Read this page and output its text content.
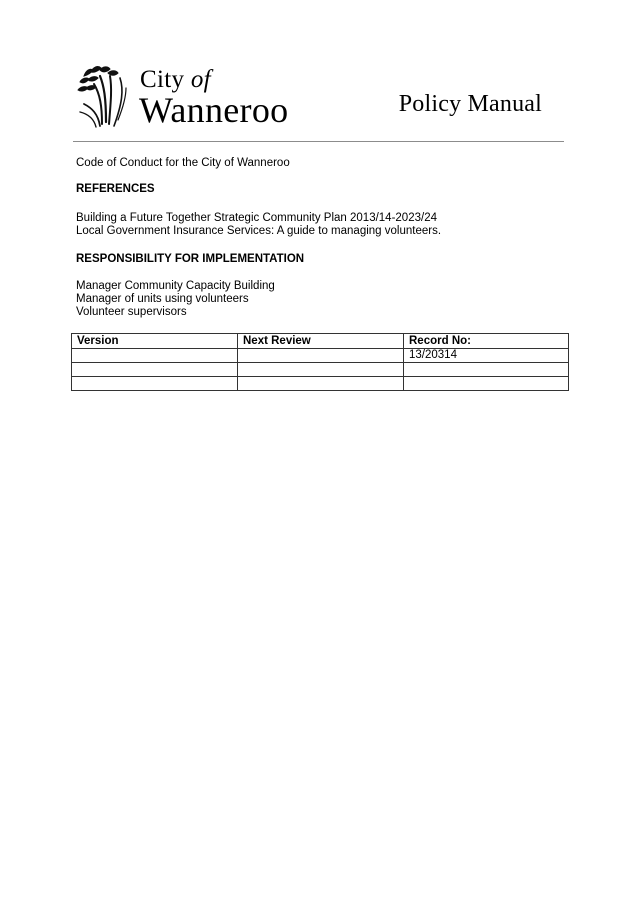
City of
Wanneroo	Policy Manual
Code of Conduct for the City of Wanneroo
REFERENCES
Building a Future Together Strategic Community Plan 2013/14-2023/24
Local Government Insurance Services: A guide to managing volunteers.
RESPONSIBILITY FOR IMPLEMENTATION
Manager Community Capacity Building
Manager of units using volunteers
Volunteer supervisors
Version	Next Review	Record No:
		13/20314
